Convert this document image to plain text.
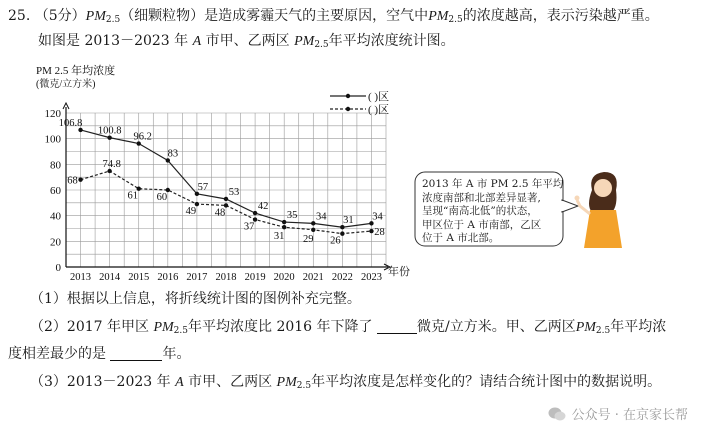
25. （5分）$PM_{2.5}$（细颗粒物）是造成雾霾天气的主要原因，空气中$PM_{2.5}$的浓度越高，表示污染越严重。
如图是 2013－2023 年 A 市甲、乙两区 $PM_{2.5}$年平均浓度统计图。
0
20
40
60
80
100
120
2013 2014 2015 2016 2017 2018 2019 2020 2021 2022 2023
106.8
100.8
96.2
83
57 53
42
35 34 31 34
68
74.8
61 60
49 48
37
31 29 26
28
PM 2.5 年均浓度
(微克/立方米)
年份
( )区
( )区
2013 年 A 市 PM 2.5 年平均
浓度南部和北部差异显著,
呈现“南高北低”的状态，
甲区位于 A 市南部，乙区
位于 A 市北部。
（1）根据以上信息，将折线统计图的图例补充完整。
（2）2017 年甲区 $PM_{2.5}$年平均浓度比 2016 年下降了	微克/立方米。甲、乙两区$PM_{2.5}$年平均浓
度相差最少的是	年。
（3）2013－2023 年 A 市甲、乙两区 $PM_{2.5}$年平均浓度是怎样变化的？请结合统计图中的数据说明。
公众号 · 在京家长帮
